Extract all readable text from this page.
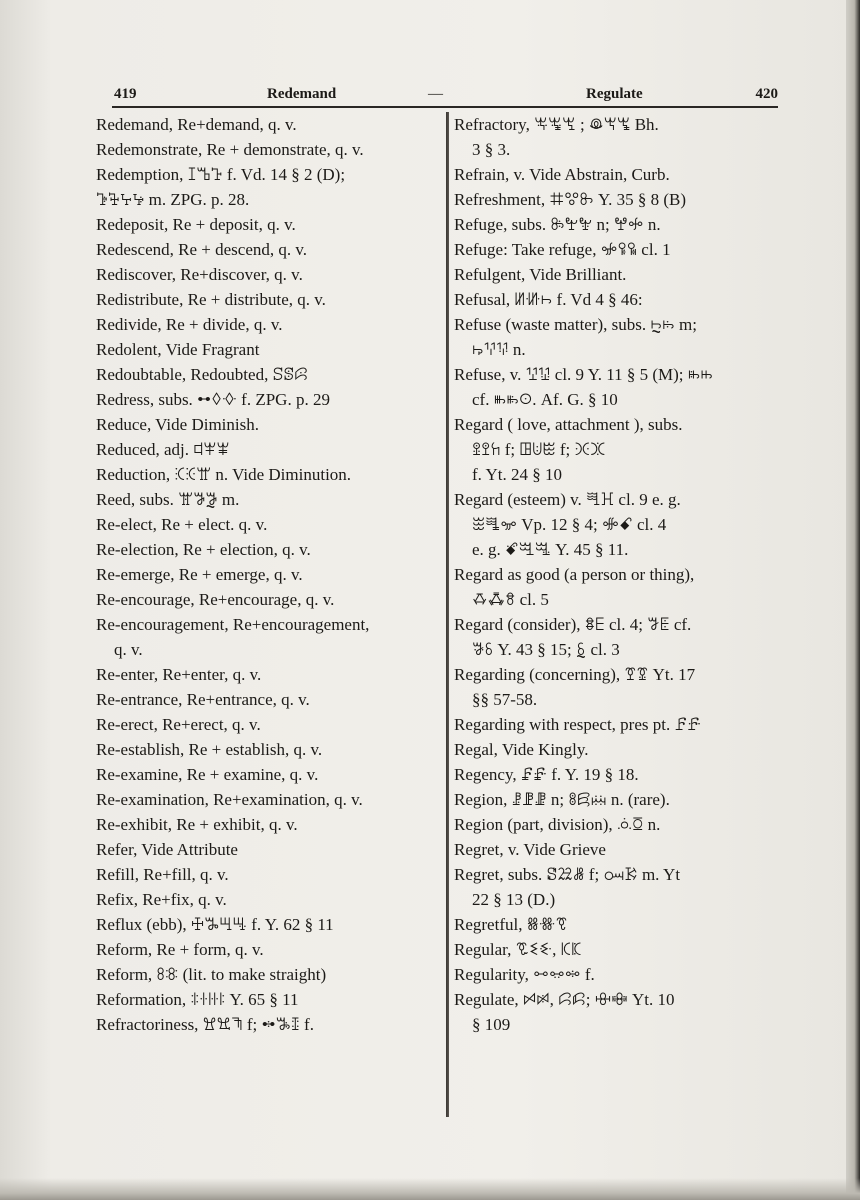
419	Redemand	—	Regulate	420

Redemand, Re+demand, q. v.

Redemonstrate, Re + demonstrate, q. v.

Redemption, ꕯꕰꕱ f. Vd. 14 § 2 (D);

ꕲꕳꕴꕵ m. ZPG. p. 28.

Redeposit, Re + deposit, q. v.

Redescend, Re + descend, q. v.

Rediscover, Re+discover, q. v.

Redistribute, Re + distribute, q. v.

Redivide, Re + divide, q. v.

Redolent, Vide Fragrant

Redoubtable, Redoubted, ꕶꕷꕸ

Redress, subs. ꕹꕺꕻ f. ZPG. p. 29

Reduce, Vide Diminish.

Reduced, adj. ꕼꕽꕾ

Reduction, ꕿꖀꖁ n. Vide Diminution.

Reed, subs. ꖂꖃꖄ m.

Re-elect, Re + elect. q. v.

Re-election, Re + election, q. v.

Re-emerge, Re + emerge, q. v.

Re-encourage, Re+encourage, q. v.

Re-encouragement, Re+encouragement,

q. v.

Re-enter, Re+enter, q. v.

Re-entrance, Re+entrance, q. v.

Re-erect, Re+erect, q. v.

Re-establish, Re + establish, q. v.

Re-examine, Re + examine, q. v.

Re-examination, Re+examination, q. v.

Re-exhibit, Re + exhibit, q. v.

Refer, Vide Attribute

Refill, Re+fill, q. v.

Refix, Re+fix, q. v.

Reflux (ebb), ꖅꖆꖇꖈ f. Y. 62 § 11

Reform, Re + form, q. v.

Reform, ꖉꖊ (lit. to make straight)

Reformation, ꖋꖌꖍꖎ Y. 65 § 11

Refractoriness, ꖏꖐꖑ f; ꖒꖓꖔ f.

Refractory, ꖕꖖꖗ ; ꖘꖙꖚ Bh.

3 § 3.

Refrain, v. Vide Abstrain, Curb.

Refreshment, ꖛꖜꖝ Y. 35 § 8 (B)

Refuge, subs. ꖞꖟꖠ n; ꖡꖢ n.

Refuge: Take refuge, ꖣꖤꖥ cl. 1

Refulgent, Vide Brilliant.

Refusal, ꖦꖧꖨ f. Vd 4 § 46:

Refuse (waste matter), subs. ꖩꖪ m;

ꖫꖬꖭ n.

Refuse, v. ꖮꖯ cl. 9 Y. 11 § 5 (M); ꖰꖱ

cf. ꖲꖳꖴ. Af. G. § 10

Regard ( love, attachment ), subs.

ꖵꖶꖷ f; ꖸꖹꖺ f; ꖻꖼ

f. Yt. 24 § 10

Regard (esteem) v. ꖽꖾ cl. 9 e. g.

ꖿꗀꗁ Vp. 12 § 4; ꗂꗃ cl. 4

e. g. ꗄꗅꗆ Y. 45 § 11.

Regard as good (a person or thing),

ꗇꗈꗉ cl. 5

Regard (consider), ꗊꗋ cl. 4; ꗌꗍ cf.

ꗎꗏ Y. 43 § 15; ꗐ cl. 3

Regarding (concerning), ꗑꗒ Yt. 17

§§ 57-58.

Regarding with respect, pres pt. ꗓꗔ

Regal, Vide Kingly.

Regency, ꗕꗖ f. Y. 19 § 18.

Region, ꗗꗘꗙ n; ꗚꗛꗜ n. (rare).

Region (part, division), ꗝꗞ n.

Regret, v. Vide Grieve

Regret, subs. ꗟꗠꗡ f; ꗢꗣ m. Yt

22 § 13 (D.)

Regretful, ꗤꗥꗦ

Regular, ꗧꗨꗩ, ꗪꗫ

Regularity, ꗬꗭꗮ f.

Regulate, ꗯꗰ, ꗱꗲ; ꗳꗴ Yt. 10

§ 109
